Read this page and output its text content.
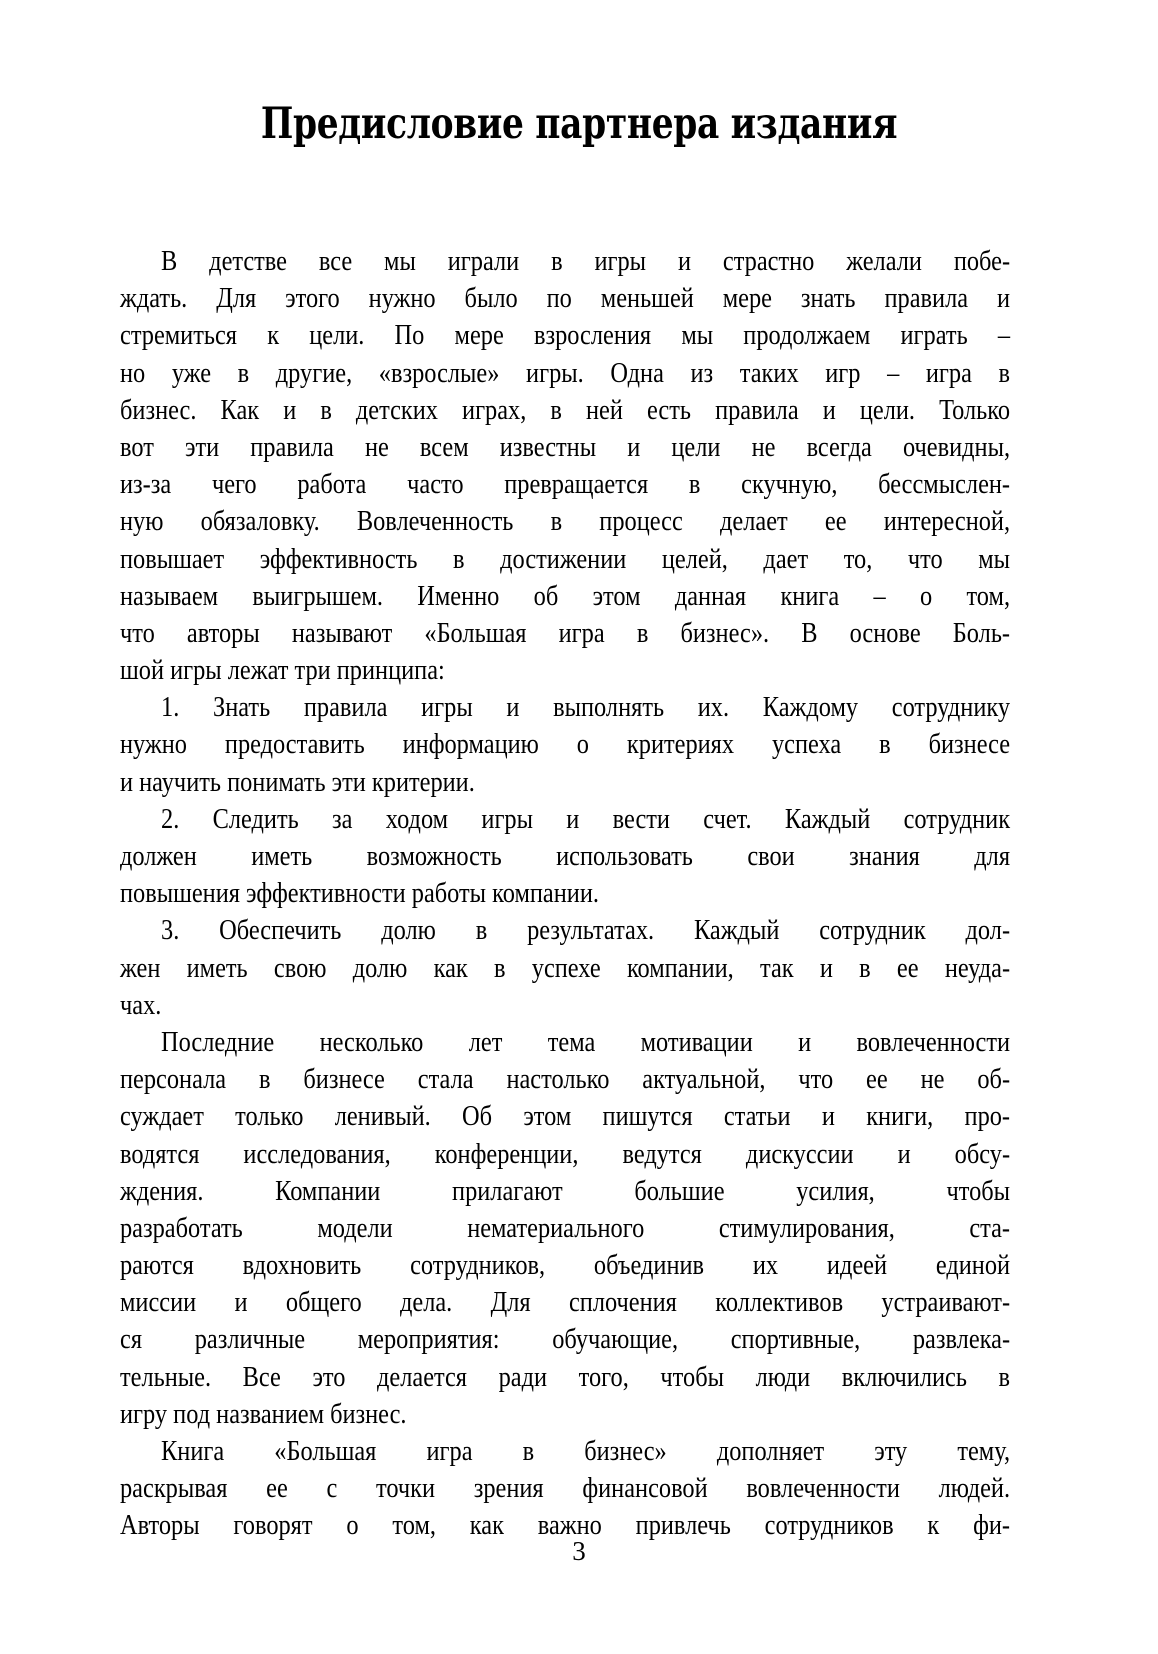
Предисловие партнера издания
В детстве все мы играли в игры и страстно желали побе-
ждать. Для этого нужно было по меньшей мере знать правила и
стремиться к цели. По мере взросления мы продолжаем играть –
но уже в другие, «взрослые» игры. Одна из таких игр – игра в
бизнес. Как и в детских играх, в ней есть правила и цели. Только
вот эти правила не всем известны и цели не всегда очевидны,
из-за чего работа часто превращается в скучную, бессмыслен-
ную обязаловку. Вовлеченность в процесс делает ее интересной,
повышает эффективность в достижении целей, дает то, что мы
называем выигрышем. Именно об этом данная книга – о том,
что авторы называют «Большая игра в бизнес». В основе Боль-
шой игры лежат три принципа:
1. Знать правила игры и выполнять их. Каждому сотруднику
нужно предоставить информацию о критериях успеха в бизнесе
и научить понимать эти критерии.
2. Следить за ходом игры и вести счет. Каждый сотрудник
должен иметь возможность использовать свои знания для
повышения эффективности работы компании.
3. Обеспечить долю в результатах. Каждый сотрудник дол-
жен иметь свою долю как в успехе компании, так и в ее неуда-
чах.
Последние несколько лет тема мотивации и вовлеченности
персонала в бизнесе стала настолько актуальной, что ее не об-
суждает только ленивый. Об этом пишутся статьи и книги, про-
водятся исследования, конференции, ведутся дискуссии и обсу-
ждения. Компании прилагают большие усилия, чтобы
разработать модели нематериального стимулирования, ста-
раются вдохновить сотрудников, объединив их идеей единой
миссии и общего дела. Для сплочения коллективов устраивают-
ся различные мероприятия: обучающие, спортивные, развлека-
тельные. Все это делается ради того, чтобы люди включились в
игру под названием бизнес.
Книга «Большая игра в бизнес» дополняет эту тему,
раскрывая ее с точки зрения финансовой вовлеченности людей.
Авторы говорят о том, как важно привлечь сотрудников к фи-
3
